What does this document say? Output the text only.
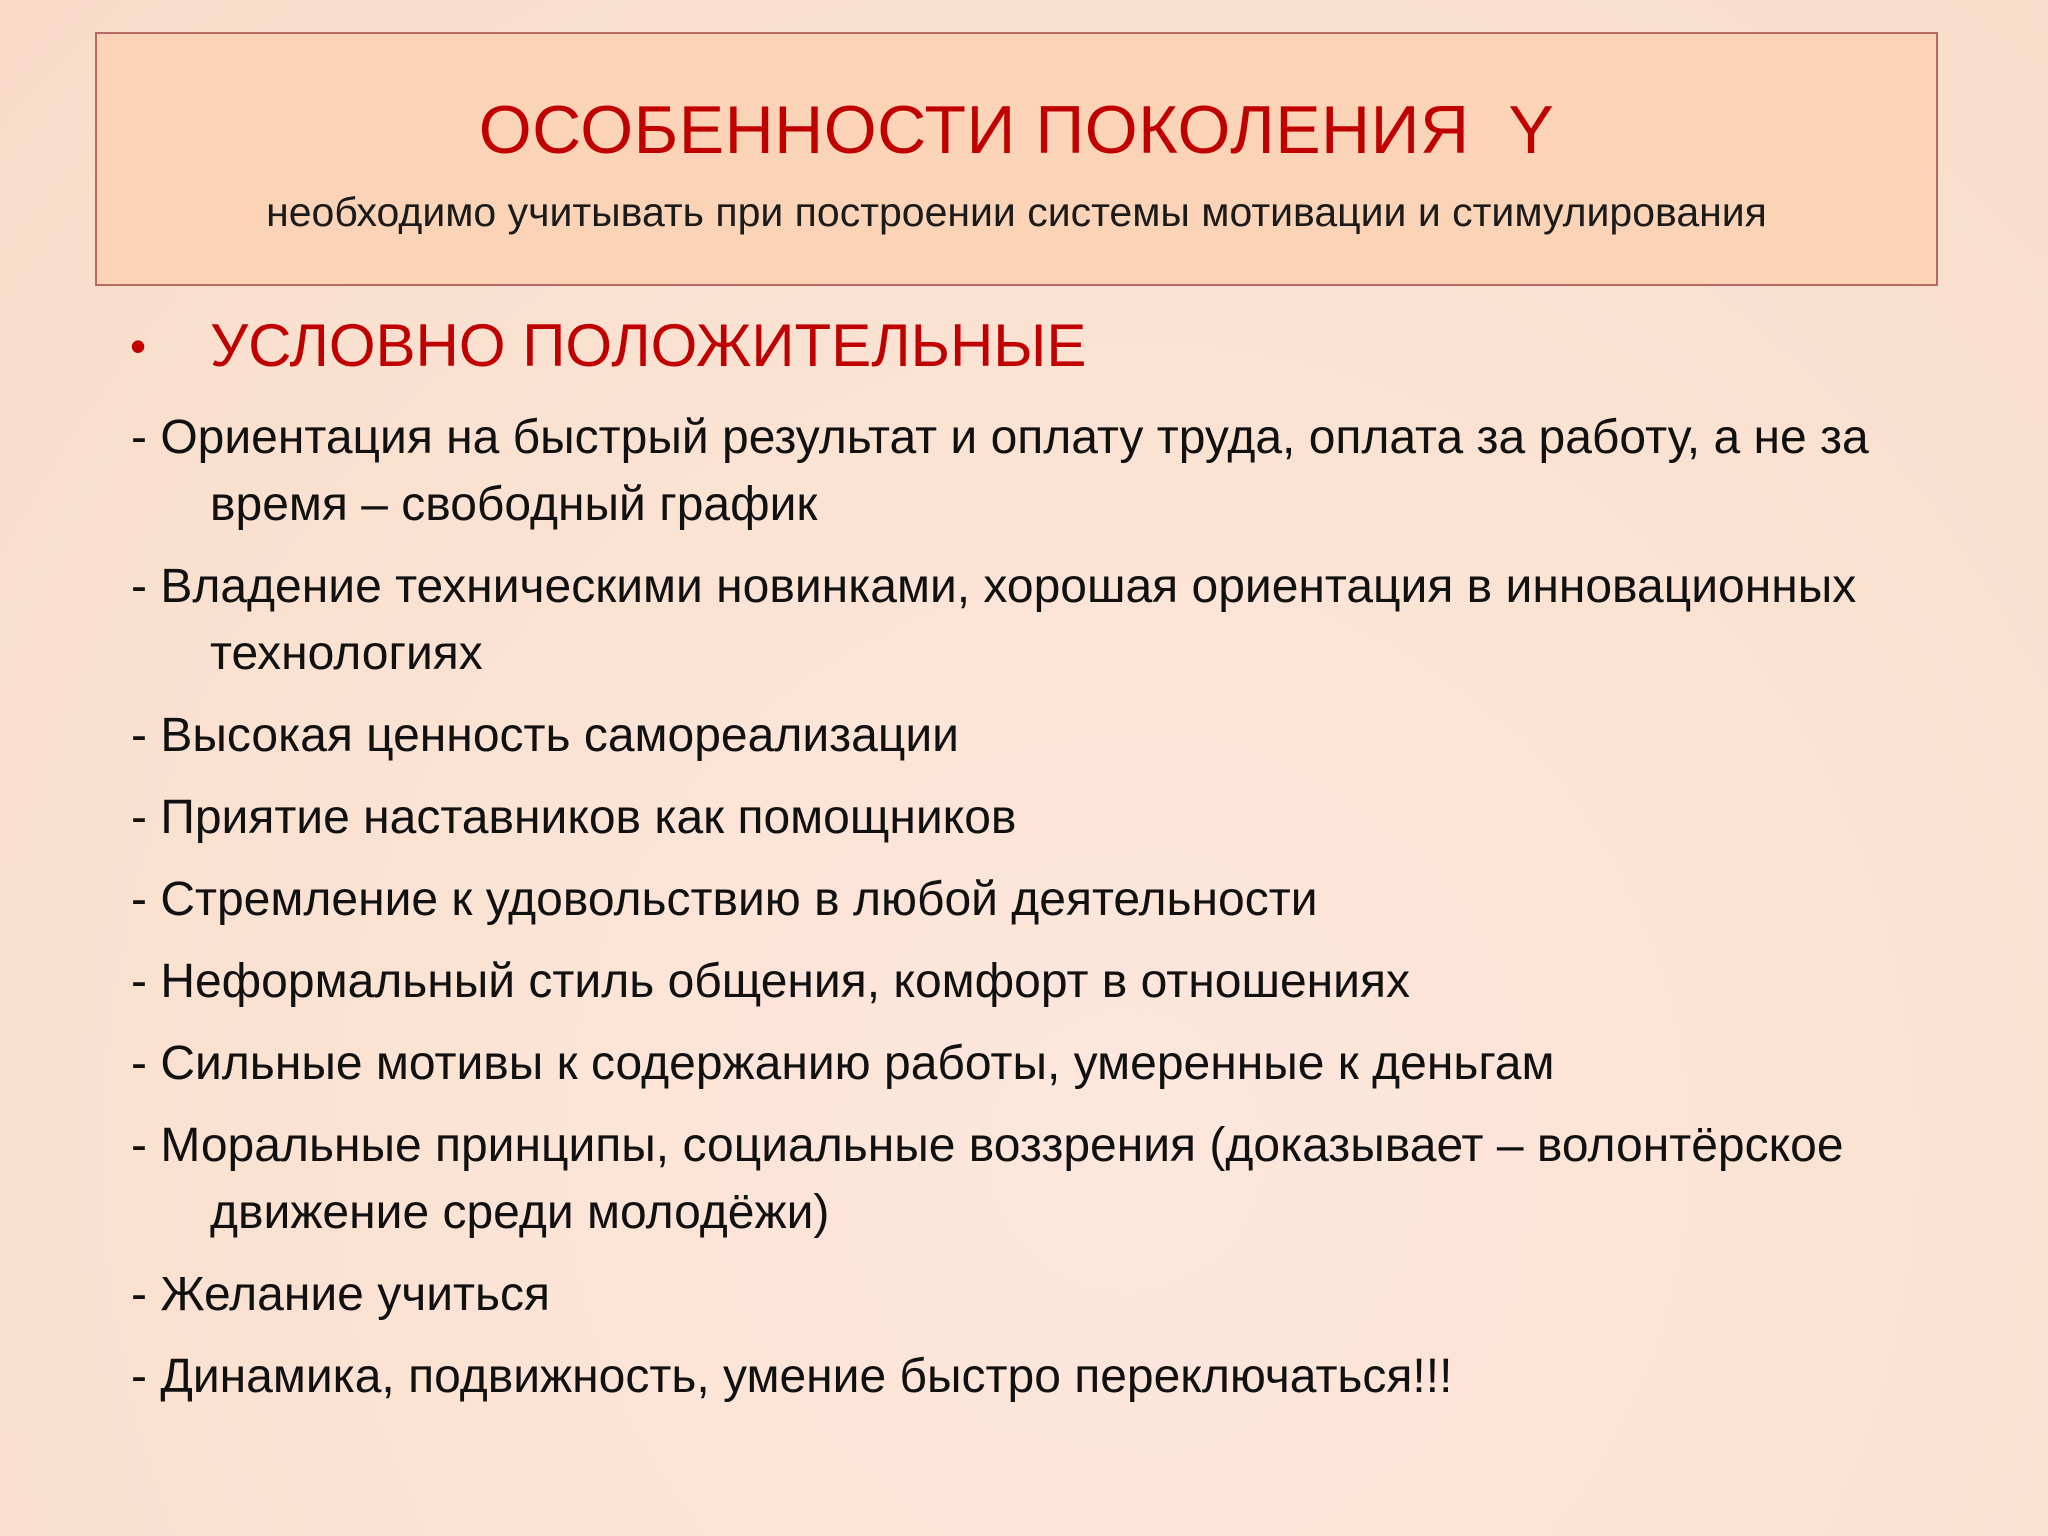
ОСОБЕННОСТИ ПОКОЛЕНИЯ  Y
необходимо учитывать при построении системы мотивации и стимулирования
•	УСЛОВНО ПОЛОЖИТЕЛЬНЫЕ
- Ориентация на быстрый результат и оплату труда, оплата за работу, а не за время – свободный график
- Владение техническими новинками, хорошая ориентация в инновационных технологиях
- Высокая ценность самореализации
- Приятие наставников как помощников
- Стремление к удовольствию в любой деятельности
- Неформальный стиль общения, комфорт в отношениях
- Сильные мотивы к содержанию работы, умеренные к деньгам
- Моральные принципы, социальные воззрения (доказывает – волонтёрское движение среди молодёжи)
- Желание учиться
- Динамика, подвижность, умение быстро переключаться!!!
